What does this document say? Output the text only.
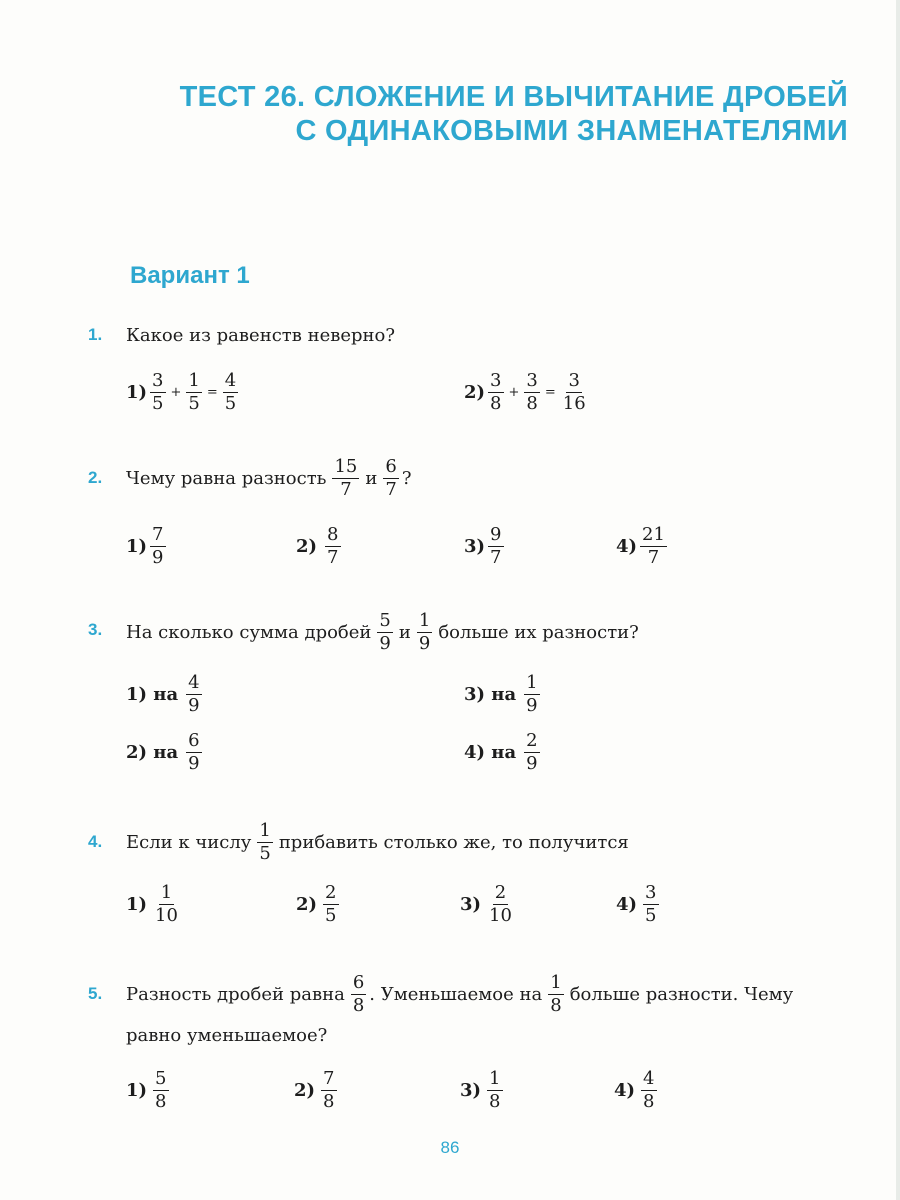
ТЕСТ 26. СЛОЖЕНИЕ И ВЫЧИТАНИЕ ДРОБЕЙ
С ОДИНАКОВЫМИ ЗНАМЕНАТЕЛЯМИ
Вариант 1
1. Какое из равенств неверно?
$1) \frac{3}{5} + \frac{1}{5} = \frac{4}{5}$	$2) \frac{3}{8} + \frac{3}{8} = \frac{3}{16}$
2. Чему равна разность $\frac{15}{7}$ и $\frac{6}{7}$ ?
$1) \frac{7}{9}$	$2) \frac{8}{7}$	$3) \frac{9}{7}$	$4) \frac{21}{7}$
3. На сколько сумма дробей $\frac{5}{9}$ и $\frac{1}{9}$ больше их разности?
1) на $\frac{4}{9}$	3) на $\frac{1}{9}$
2) на $\frac{6}{9}$	4) на $\frac{2}{9}$
4. Если к числу $\frac{1}{5}$ прибавить столько же, то получится
$1) \frac{1}{10}$	$2) \frac{2}{5}$	$3) \frac{2}{10}$	$4) \frac{3}{5}$
5. Разность дробей равна $\frac{6}{8}$ . Уменьшаемое на $\frac{1}{8}$ больше разности. Чему
равно уменьшаемое?
$1) \frac{5}{8}$	$2) \frac{7}{8}$	$3) \frac{1}{8}$	$4) \frac{4}{8}$
86
